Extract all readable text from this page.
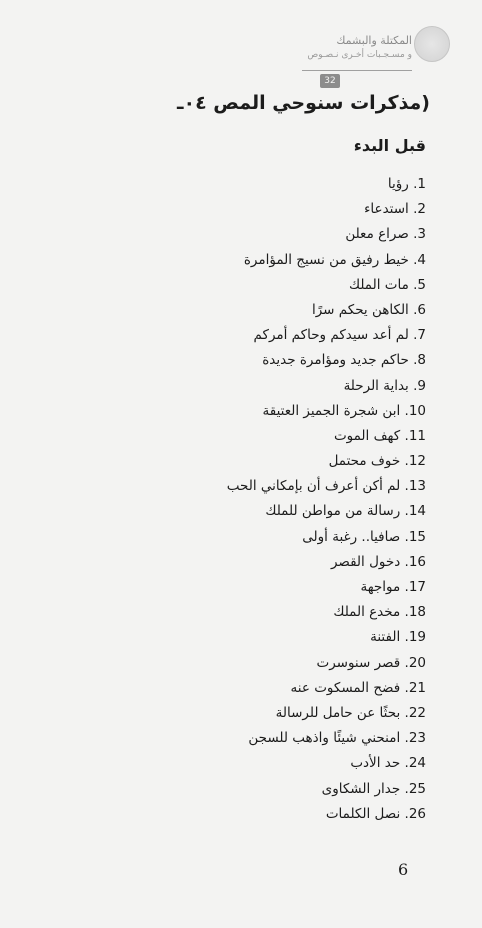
المكتلة والبشمك
و مسـجـبات أخـرى نـصـوص
32
(مذكرات سنوحي المص ٠٤ـ
قبل البدء
1. رؤيا
2. استدعاء
3. صراع معلن
4. خيط رفيق من نسيج المؤامرة
5. مات الملك
6. الكاهن يحكم سرًا
7. لم أعد سيدكم وحاكم أمركم
8. حاكم جديد ومؤامرة جديدة
9. بداية الرحلة
10. ابن شجرة الجميز العتيقة
11. كهف الموت
12. خوف محتمل
13. لم أكن أعرف أن بإمكاني الحب
14. رسالة من مواطن للملك
15. صافيا.. رغبة أولى
16. دخول القصر
17. مواجهة
18. مخدع الملك
19. الفتنة
20. قصر سنوسرت
21. فضح المسكوت عنه
22. بحثًا عن حامل للرسالة
23. امنحني شيئًا واذهب للسجن
24. حد الأدب
25. جدار الشكاوى
26. نصل الكلمات
6
